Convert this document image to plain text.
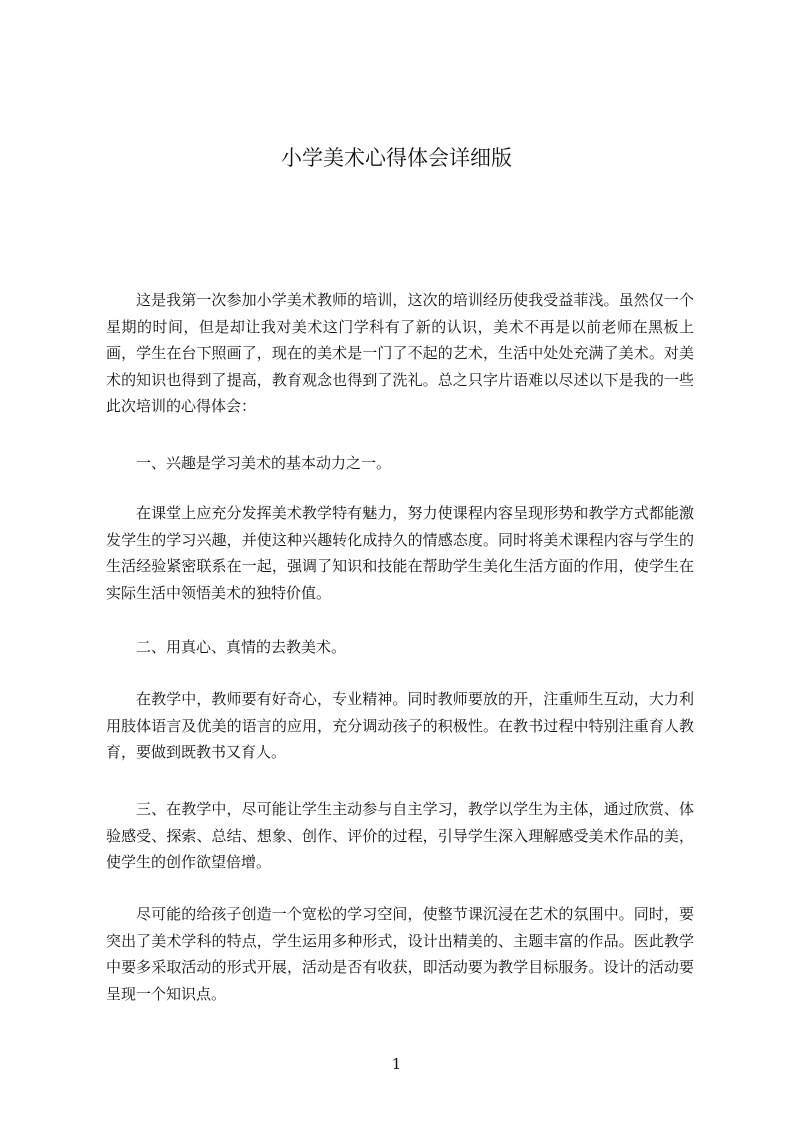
小学美术心得体会详细版

这是我第一次参加小学美术教师的培训，这次的培训经历使我受益菲浅。虽然仅一个星期的时间，但是却让我对美术这门学科有了新的认识，美术不再是以前老师在黑板上画，学生在台下照画了，现在的美术是一门了不起的艺术，生活中处处充满了美术。对美术的知识也得到了提高，教育观念也得到了洗礼。总之只字片语难以尽述以下是我的一些此次培训的心得体会：

一、兴趣是学习美术的基本动力之一。

在课堂上应充分发挥美术教学特有魅力，努力使课程内容呈现形势和教学方式都能激发学生的学习兴趣，并使这种兴趣转化成持久的情感态度。同时将美术课程内容与学生的生活经验紧密联系在一起，强调了知识和技能在帮助学生美化生活方面的作用，使学生在实际生活中领悟美术的独特价值。

二、用真心、真情的去教美术。

在教学中，教师要有好奇心，专业精神。同时教师要放的开，注重师生互动，大力利用肢体语言及优美的语言的应用，充分调动孩子的积极性。在教书过程中特别注重育人教育，要做到既教书又育人。

三、在教学中，尽可能让学生主动参与自主学习，教学以学生为主体，通过欣赏、体验感受、探索、总结、想象、创作、评价的过程，引导学生深入理解感受美术作品的美，使学生的创作欲望倍增。

尽可能的给孩子创造一个宽松的学习空间，使整节课沉浸在艺术的氛围中。同时，要突出了美术学科的特点，学生运用多种形式，设计出精美的、主题丰富的作品。医此教学中要多采取活动的形式开展，活动是否有收获，即活动要为教学目标服务。设计的活动要呈现一个知识点。

1
